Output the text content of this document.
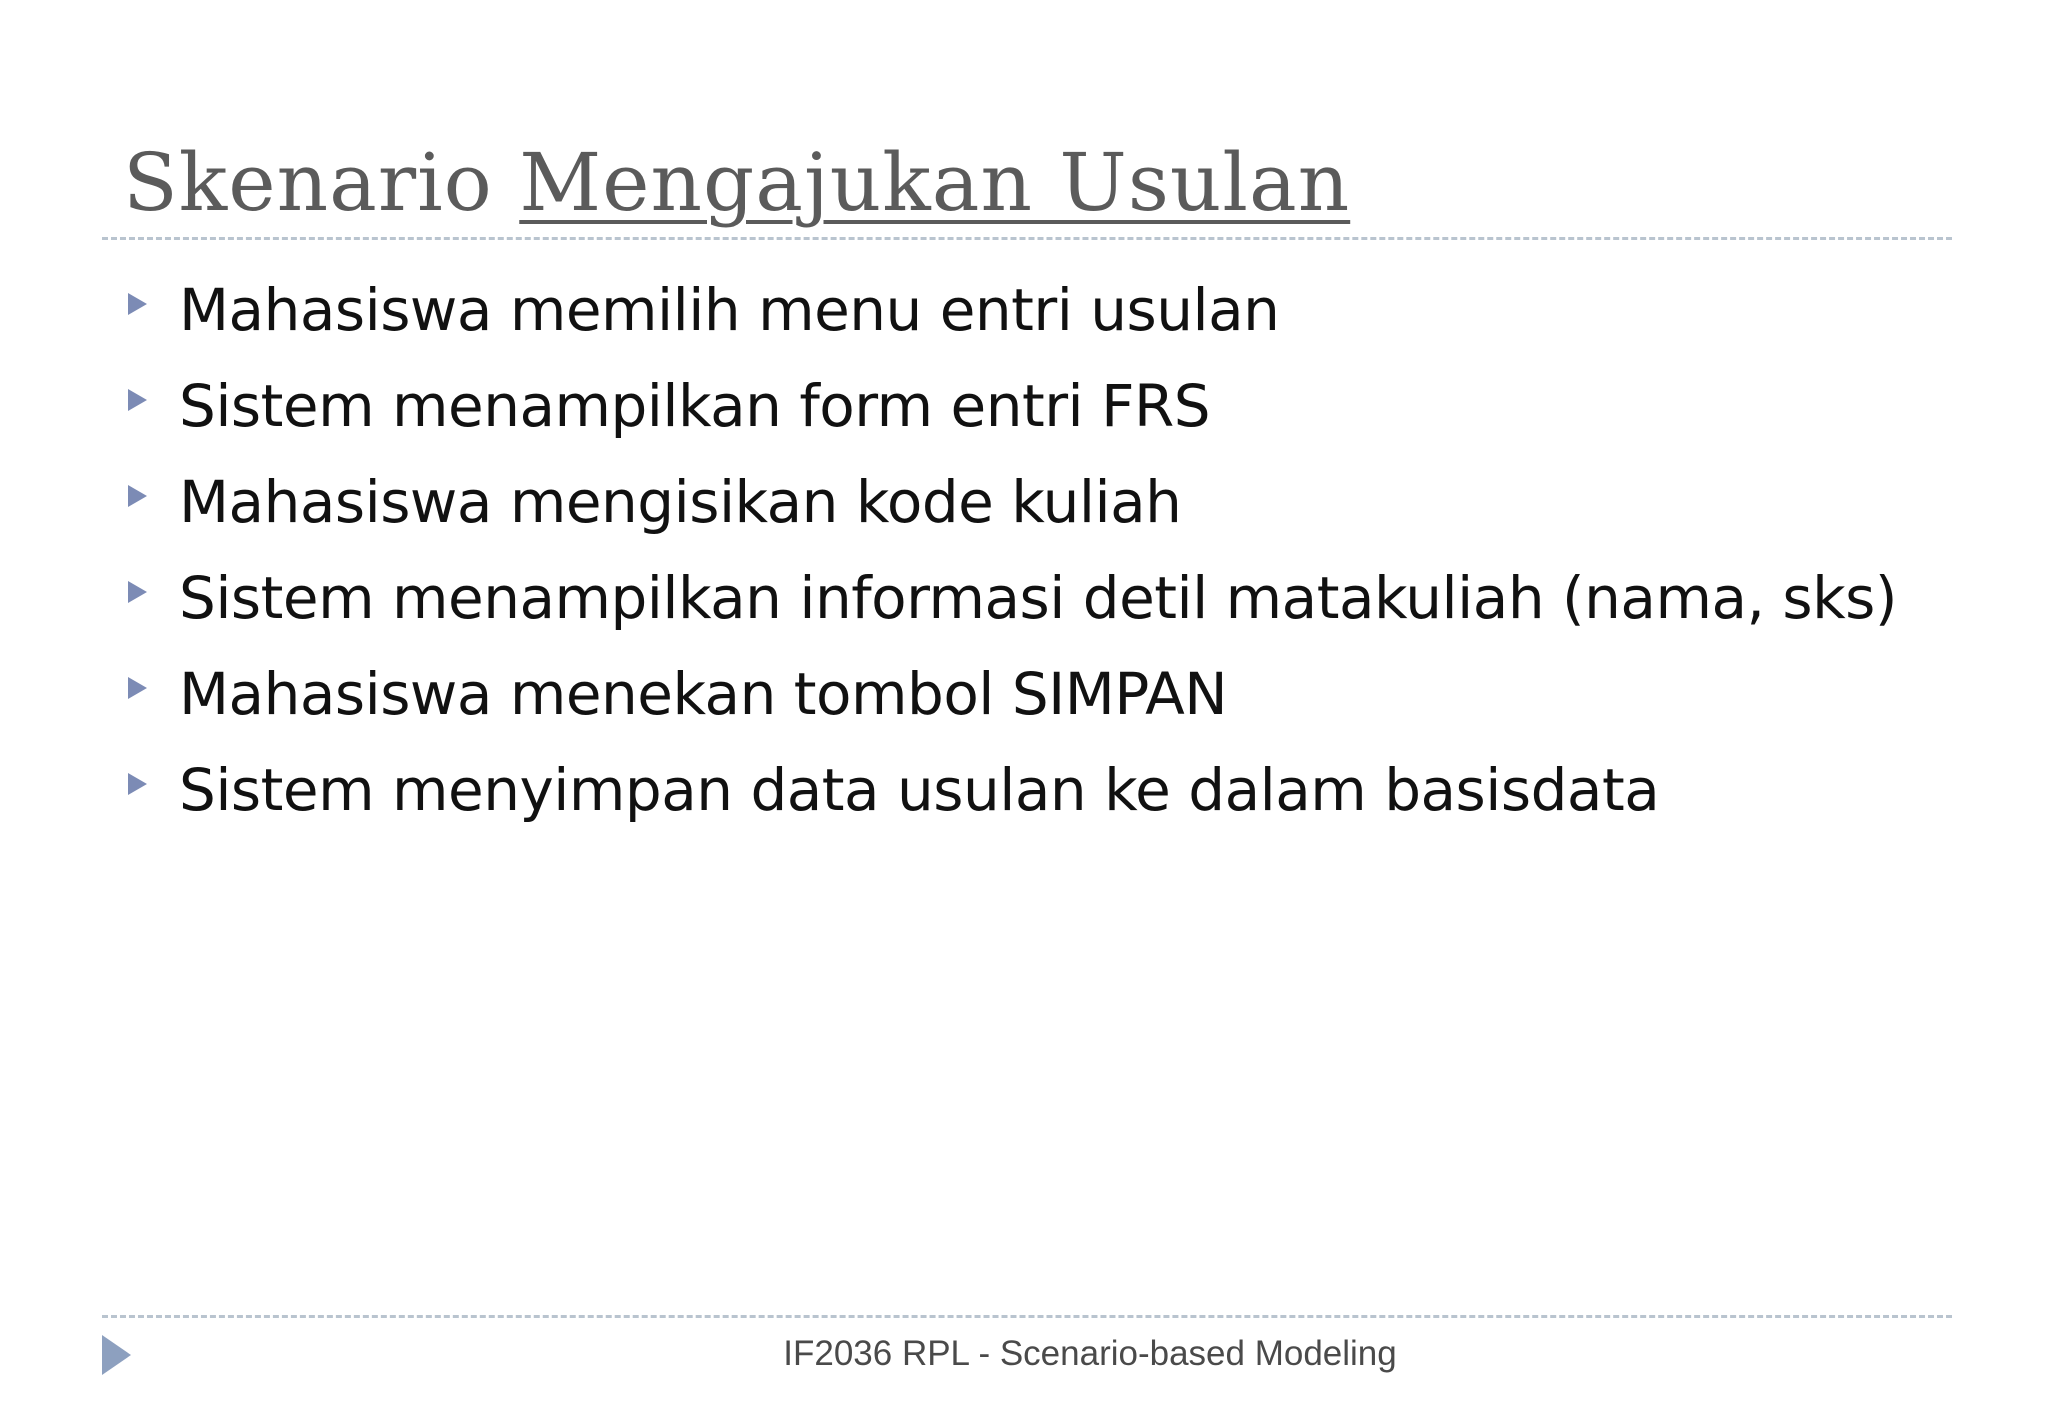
Skenario Mengajukan Usulan
Mahasiswa memilih menu entri usulan
Sistem menampilkan form entri FRS
Mahasiswa mengisikan kode kuliah
Sistem menampilkan informasi detil matakuliah (nama, sks)
Mahasiswa menekan tombol SIMPAN
Sistem menyimpan data usulan ke dalam basisdata
IF2036 RPL - Scenario-based Modeling
